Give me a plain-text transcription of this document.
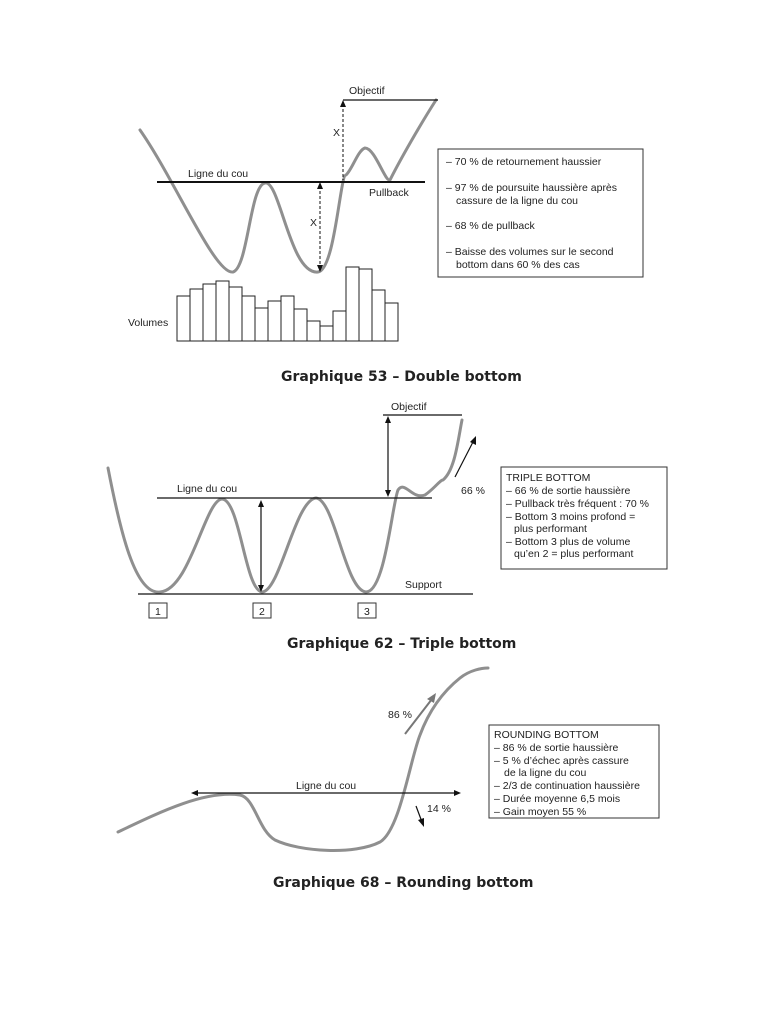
Ligne du cou
Pullback
Objectif
X
X
Volumes
– 70 % de retournement haussier
– 97 % de poursuite haussière après
cassure de la ligne du cou
– 68 % de pullback
– Baisse des volumes sur le second
bottom dans 60 % des cas
Graphique 53 – Double bottom
Ligne du cou
Support
Objectif
66 %
1	2	3
TRIPLE BOTTOM
– 66 % de sortie haussière
– Pullback très fréquent : 70 %
– Bottom 3 moins profond =
plus performant
– Bottom 3 plus de volume
qu’en 2 = plus performant
Graphique 62 – Triple bottom
Ligne du cou
86 %
14 %
ROUNDING BOTTOM
– 86 % de sortie haussière
– 5 % d’échec après cassure
de la ligne du cou
– 2/3 de continuation haussière
– Durée moyenne 6,5 mois
– Gain moyen 55 %
Graphique 68 – Rounding bottom
